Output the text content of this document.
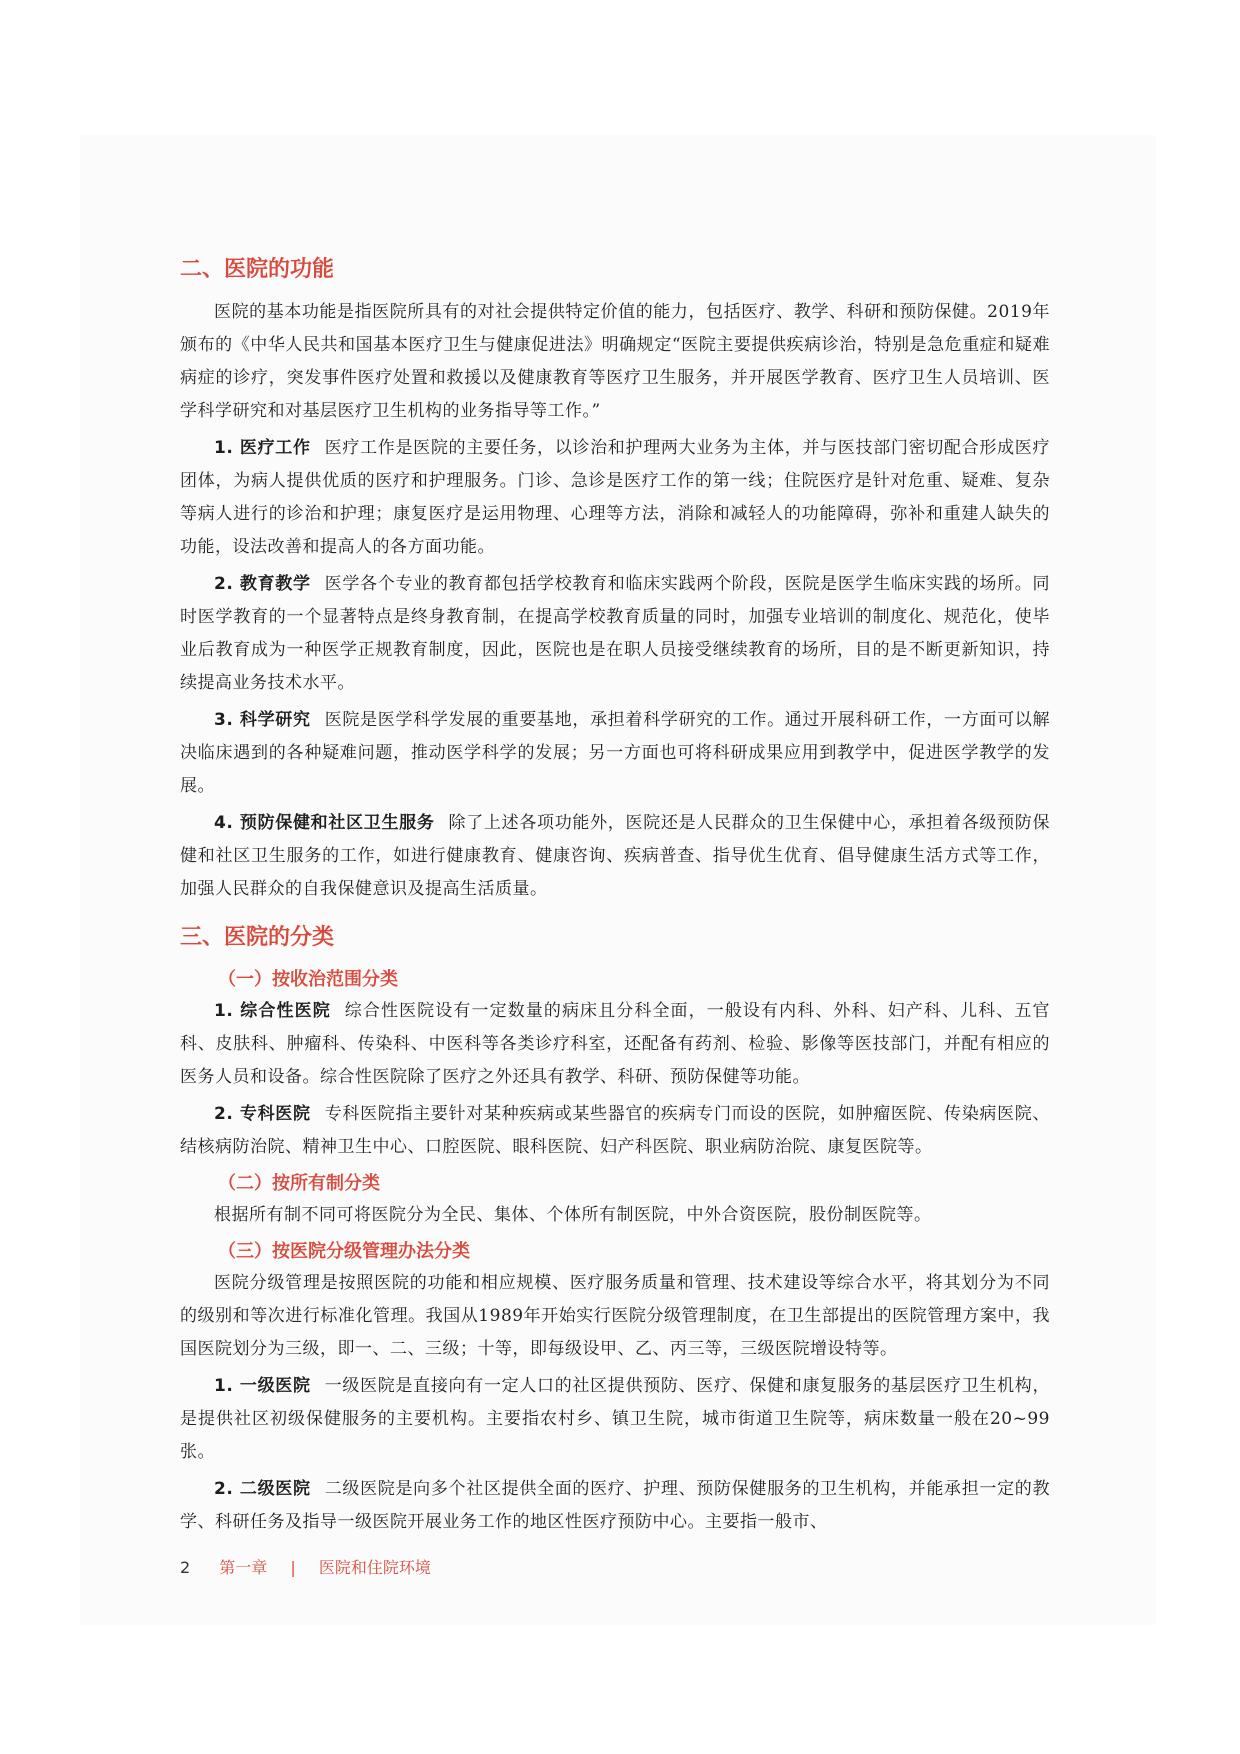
二、医院的功能

医院的基本功能是指医院所具有的对社会提供特定价值的能力，包括医疗、教学、科研和预防保健。2019年颁布的《中华人民共和国基本医疗卫生与健康促进法》明确规定“医院主要提供疾病诊治，特别是急危重症和疑难病症的诊疗，突发事件医疗处置和救援以及健康教育等医疗卫生服务，并开展医学教育、医疗卫生人员培训、医学科学研究和对基层医疗卫生机构的业务指导等工作。”

1. 医疗工作 医疗工作是医院的主要任务，以诊治和护理两大业务为主体，并与医技部门密切配合形成医疗团体，为病人提供优质的医疗和护理服务。门诊、急诊是医疗工作的第一线；住院医疗是针对危重、疑难、复杂等病人进行的诊治和护理；康复医疗是运用物理、心理等方法，消除和减轻人的功能障碍，弥补和重建人缺失的功能，设法改善和提高人的各方面功能。

2. 教育教学 医学各个专业的教育都包括学校教育和临床实践两个阶段，医院是医学生临床实践的场所。同时医学教育的一个显著特点是终身教育制，在提高学校教育质量的同时，加强专业培训的制度化、规范化，使毕业后教育成为一种医学正规教育制度，因此，医院也是在职人员接受继续教育的场所，目的是不断更新知识，持续提高业务技术水平。

3. 科学研究 医院是医学科学发展的重要基地，承担着科学研究的工作。通过开展科研工作，一方面可以解决临床遇到的各种疑难问题，推动医学科学的发展；另一方面也可将科研成果应用到教学中，促进医学教学的发展。

4. 预防保健和社区卫生服务 除了上述各项功能外，医院还是人民群众的卫生保健中心，承担着各级预防保健和社区卫生服务的工作，如进行健康教育、健康咨询、疾病普查、指导优生优育、倡导健康生活方式等工作，加强人民群众的自我保健意识及提高生活质量。

三、医院的分类
（一）按收治范围分类

1. 综合性医院 综合性医院设有一定数量的病床且分科全面，一般设有内科、外科、妇产科、儿科、五官科、皮肤科、肿瘤科、传染科、中医科等各类诊疗科室，还配备有药剂、检验、影像等医技部门，并配有相应的医务人员和设备。综合性医院除了医疗之外还具有教学、科研、预防保健等功能。

2. 专科医院 专科医院指主要针对某种疾病或某些器官的疾病专门而设的医院，如肿瘤医院、传染病医院、结核病防治院、精神卫生中心、口腔医院、眼科医院、妇产科医院、职业病防治院、康复医院等。

（二）按所有制分类

根据所有制不同可将医院分为全民、集体、个体所有制医院，中外合资医院，股份制医院等。

（三）按医院分级管理办法分类

医院分级管理是按照医院的功能和相应规模、医疗服务质量和管理、技术建设等综合水平，将其划分为不同的级别和等次进行标准化管理。我国从1989年开始实行医院分级管理制度，在卫生部提出的医院管理方案中，我国医院划分为三级，即一、二、三级；十等，即每级设甲、乙、丙三等，三级医院增设特等。

1. 一级医院 一级医院是直接向有一定人口的社区提供预防、医疗、保健和康复服务的基层医疗卫生机构，是提供社区初级保健服务的主要机构。主要指农村乡、镇卫生院，城市街道卫生院等，病床数量一般在20~99张。

2. 二级医院 二级医院是向多个社区提供全面的医疗、护理、预防保健服务的卫生机构，并能承担一定的教学、科研任务及指导一级医院开展业务工作的地区性医疗预防中心。主要指一般市、

2 第一章 | 医院和住院环境
